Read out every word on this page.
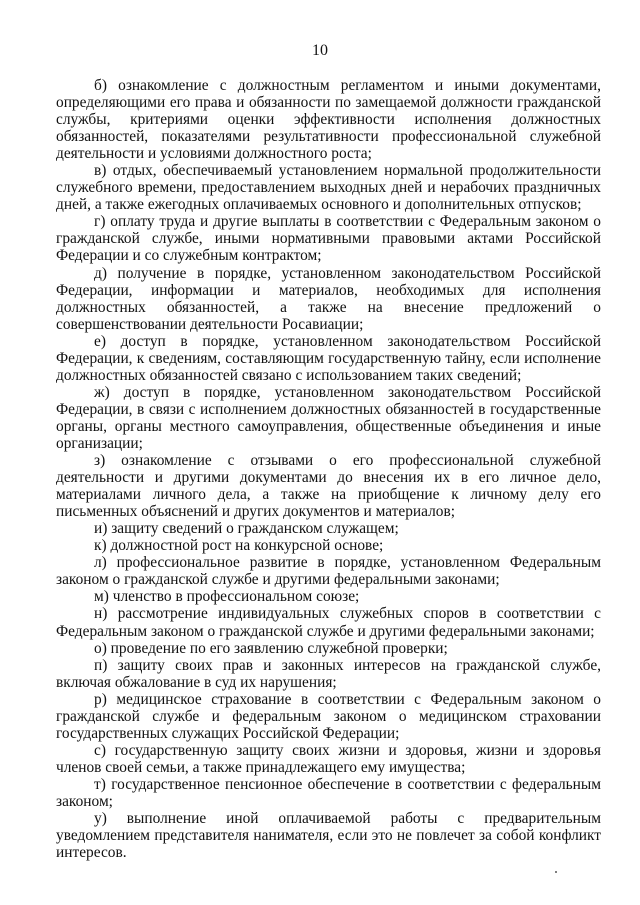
10

б) ознакомление с должностным регламентом и иными документами, определяющими его права и обязанности по замещаемой должности гражданской службы, критериями оценки эффективности исполнения должностных обязанностей, показателями результативности профессиональной служебной деятельности и условиями должностного роста;

в) отдых, обеспечиваемый установлением нормальной продолжительности служебного времени, предоставлением выходных дней и нерабочих праздничных дней, а также ежегодных оплачиваемых основного и дополнительных отпусков;

г) оплату труда и другие выплаты в соответствии с Федеральным законом о гражданской службе, иными нормативными правовыми актами Российской Федерации и со служебным контрактом;

д) получение в порядке, установленном законодательством Российской Федерации, информации и материалов, необходимых для исполнения должностных обязанностей, а также на внесение предложений о совершенствовании деятельности Росавиации;

е) доступ в порядке, установленном законодательством Российской Федерации, к сведениям, составляющим государственную тайну, если исполнение должностных обязанностей связано с использованием таких сведений;

ж) доступ в порядке, установленном законодательством Российской Федерации, в связи с исполнением должностных обязанностей в государственные органы, органы местного самоуправления, общественные объединения и иные организации;

з) ознакомление с отзывами о его профессиональной служебной деятельности и другими документами до внесения их в его личное дело, материалами личного дела, а также на приобщение к личному делу его письменных объяснений и других документов и материалов;

и) защиту сведений о гражданском служащем;

к) должностной рост на конкурсной основе;

л) профессиональное развитие в порядке, установленном Федеральным законом о гражданской службе и другими федеральными законами;

м) членство в профессиональном союзе;

н) рассмотрение индивидуальных служебных споров в соответствии с Федеральным законом о гражданской службе и другими федеральными законами;

о) проведение по его заявлению служебной проверки;

п) защиту своих прав и законных интересов на гражданской службе, включая обжалование в суд их нарушения;

р) медицинское страхование в соответствии с Федеральным законом о гражданской службе и федеральным законом о медицинском страховании государственных служащих Российской Федерации;

с) государственную защиту своих жизни и здоровья, жизни и здоровья членов своей семьи, а также принадлежащего ему имущества;

т) государственное пенсионное обеспечение в соответствии с федеральным законом;

у) выполнение иной оплачиваемой работы с предварительным уведомлением представителя нанимателя, если это не повлечет за собой конфликт интересов.
